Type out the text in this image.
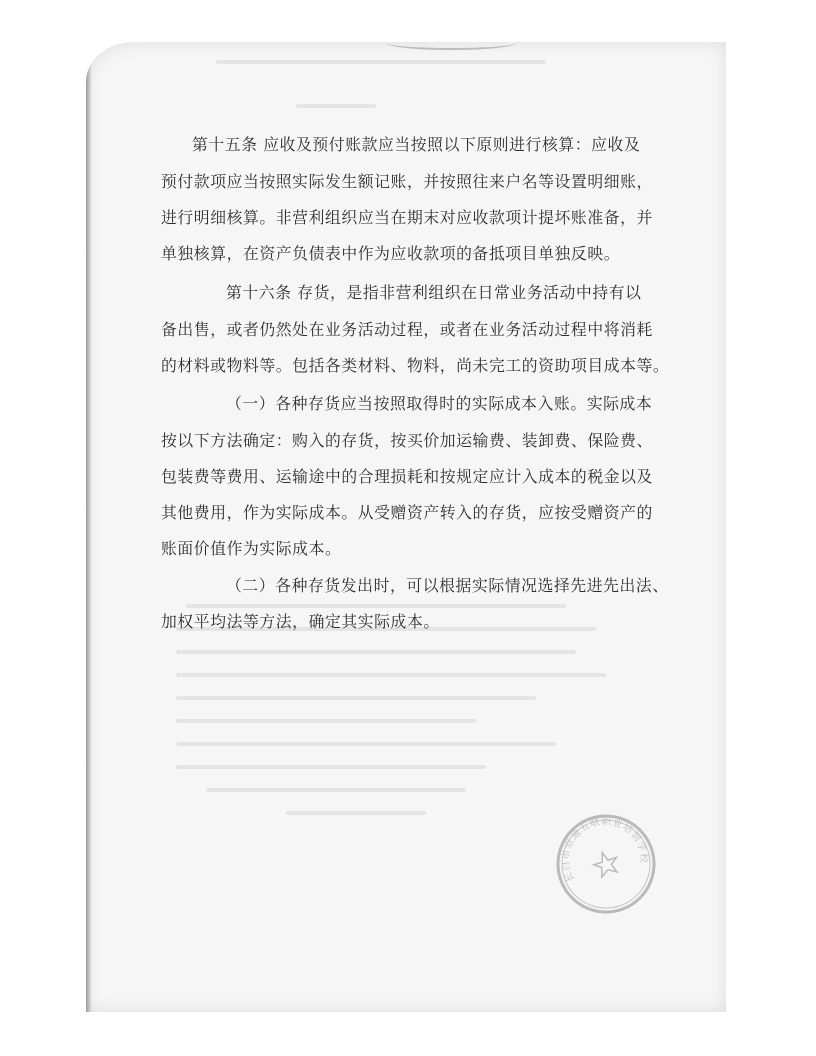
第十五条 应收及预付账款应当按照以下原则进行核算：应收及
预付款项应当按照实际发生额记账，并按照往来户名等设置明细账，
进行明细核算。非营利组织应当在期末对应收款项计提坏账准备，并
单独核算，在资产负债表中作为应收款项的备抵项目单独反映。
第十六条 存货，是指非营利组织在日常业务活动中持有以
备出售，或者仍然处在业务活动过程，或者在业务活动过程中将消耗
的材料或物料等。包括各类材料、物料，尚未完工的资助项目成本等。
（一）各种存货应当按照取得时的实际成本入账。实际成本
按以下方法确定：购入的存货，按买价加运输费、装卸费、保险费、
包装费等费用、运输途中的合理损耗和按规定应计入成本的税金以及
其他费用，作为实际成本。从受赠资产转入的存货，应按受赠资产的
账面价值作为实际成本。
（二）各种存货发出时，可以根据实际情况选择先进先出法、
加权平均法等方法，确定其实际成本。
长白市京通五联职业培训学校
